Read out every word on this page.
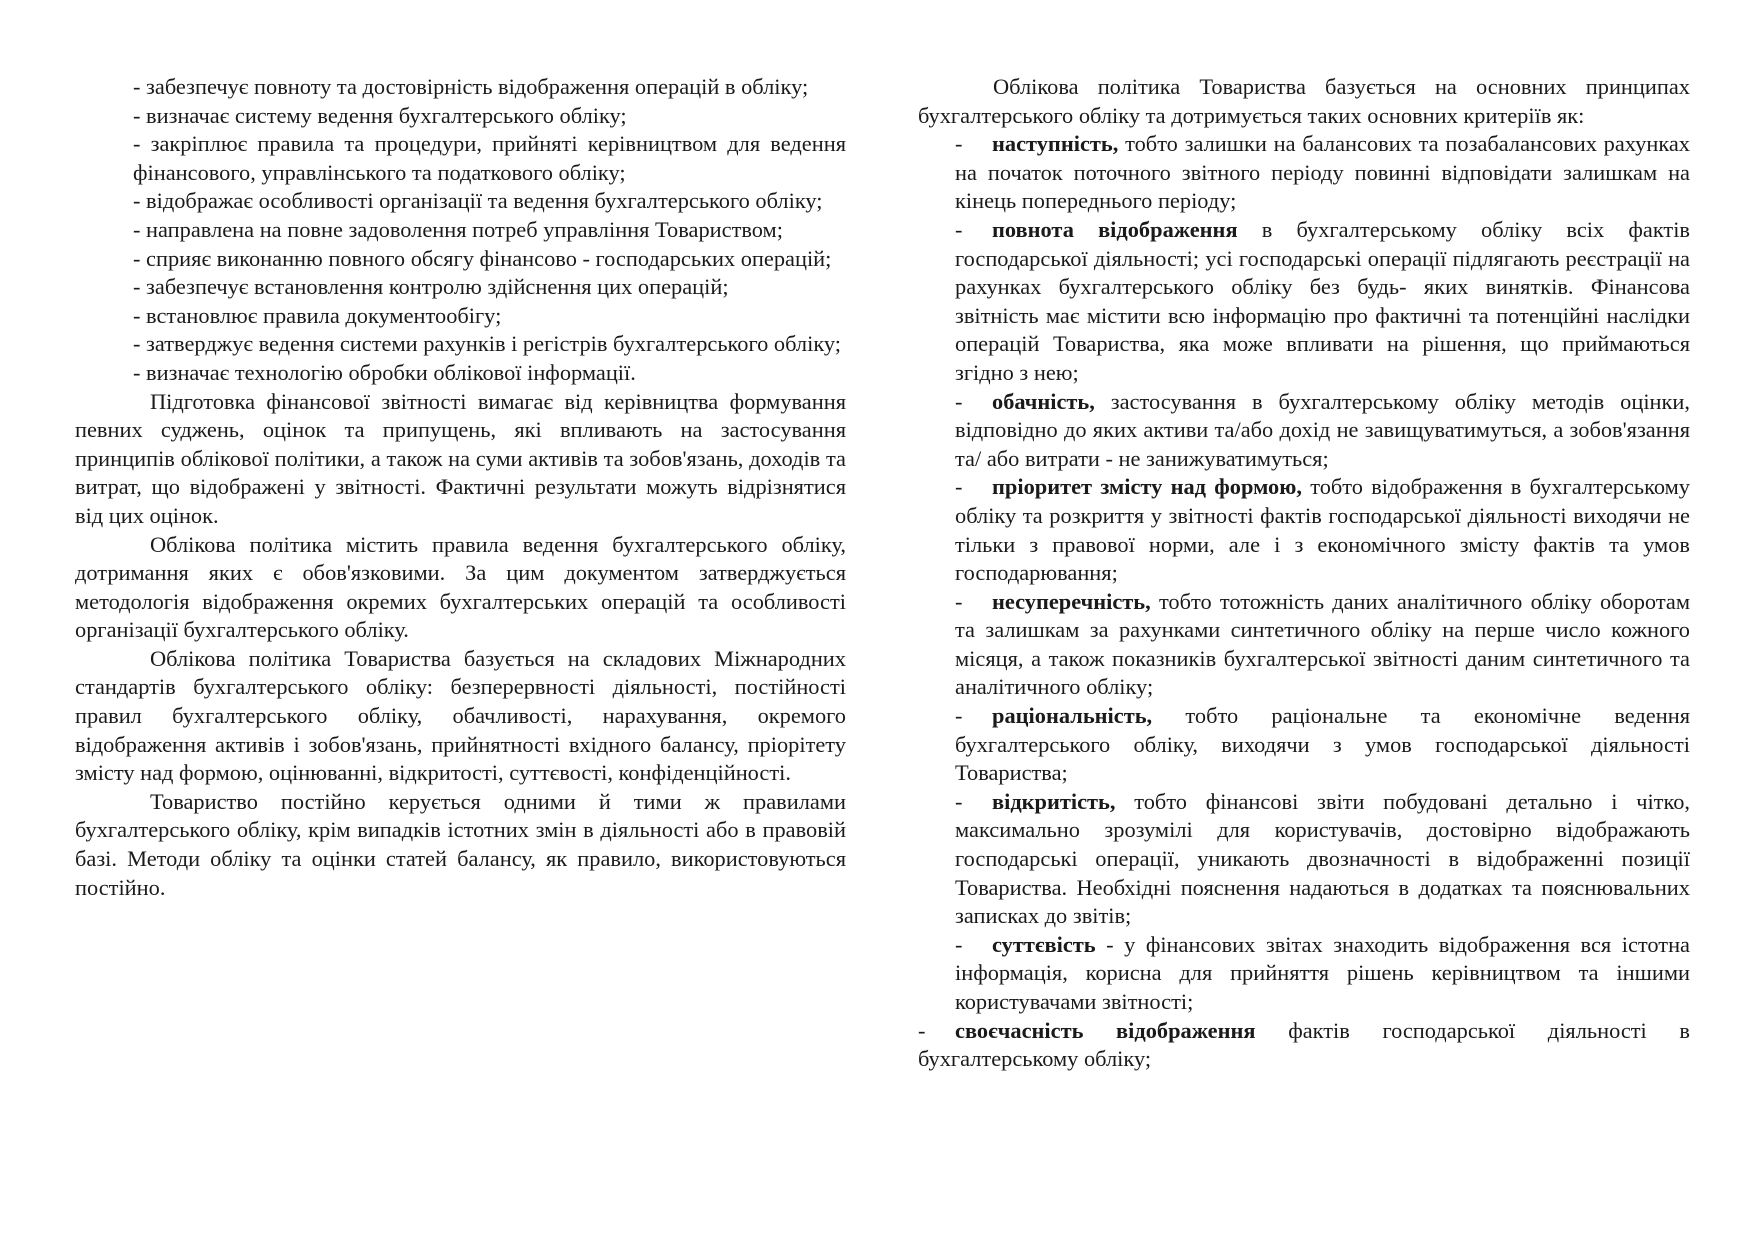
- забезпечує повноту та достовірність відображення операцій в обліку;

- визначає систему ведення бухгалтерського обліку;

- закріплює правила та процедури, прийняті керівництвом для ведення фінансового, управлінського та податкового обліку;

- відображає особливості організації та ведення бухгалтерського обліку;

- направлена на повне задоволення потреб управління Товариством;

- сприяє виконанню повного обсягу фінансово - господарських операцій;

- забезпечує встановлення контролю здійснення цих операцій;

- встановлює правила документообігу;

- затверджує ведення системи рахунків і регістрів бухгалтерського обліку;

- визначає технологію обробки облікової інформації.

Підготовка фінансової звітності вимагає від керівництва формування певних суджень, оцінок та припущень, які впливають на застосування принципів облікової політики, а також на суми активів та зобов'язань, доходів та витрат, що відображені у звітності. Фактичні результати можуть відрізнятися від цих оцінок.

Облікова політика містить правила ведення бухгалтерського обліку, дотримання яких є обов'язковими. За цим документом затверджується методологія відображення окремих бухгалтерських операцій та особливості організації бухгалтерського обліку.

Облікова політика Товариства базується на складових Міжнародних стандартів бухгалтерського обліку: безперервності діяльності, постійності правил бухгалтерського обліку, обачливості, нарахування, окремого відображення активів і зобов'язань, прийнятності вхідного балансу, пріорітету змісту над формою, оцінюванні, відкритості, суттєвості, конфіденційності.

Товариство постійно керується одними й тими ж правилами бухгалтерського обліку, крім випадків істотних змін в діяльності або в правовій базі. Методи обліку та оцінки статей балансу, як правило, використовуються постійно.

Облікова політика Товариства базується на основних принципах бухгалтерського обліку та дотримується таких основних критеріїв як:

- наступність, тобто залишки на балансових та позабалансових рахунках на початок поточного звітного періоду повинні відповідати залишкам на кінець попереднього періоду;

- повнота відображення в бухгалтерському обліку всіх фактів господарської діяльності; усі господарські операції підлягають реєстрації на рахунках бухгалтерського обліку без будь- яких винятків. Фінансова звітність має містити всю інформацію про фактичні та потенційні наслідки операцій Товариства, яка може впливати на рішення, що приймаються згідно з нею;

- обачність, застосування в бухгалтерському обліку методів оцінки, відповідно до яких активи та/або дохід не завищуватимуться, а зобов'язання та/ або витрати - не занижуватимуться;

- пріоритет змісту над формою, тобто відображення в бухгалтерському обліку та розкриття у звітності фактів господарської діяльності виходячи не тільки з правової норми, але і з економічного змісту фактів та умов господарювання;

- несуперечність, тобто тотожність даних аналітичного обліку оборотам та залишкам за рахунками синтетичного обліку на перше число кожного місяця, а також показників бухгалтерської звітності даним синтетичного та аналітичного обліку;

- раціональність, тобто раціональне та економічне ведення бухгалтерського обліку, виходячи з умов господарської діяльності Товариства;

- відкритість, тобто фінансові звіти побудовані детально і чітко, максимально зрозумілі для користувачів, достовірно відображають господарські операції, уникають двозначності в відображенні позиції Товариства. Необхідні пояснення надаються в додатках та пояснювальних записках до звітів;

- суттєвість - у фінансових звітах знаходить відображення вся істотна інформація, корисна для прийняття рішень керівництвом та іншими користувачами звітності;

- своєчасність відображення фактів господарської діяльності в бухгалтерському обліку;
